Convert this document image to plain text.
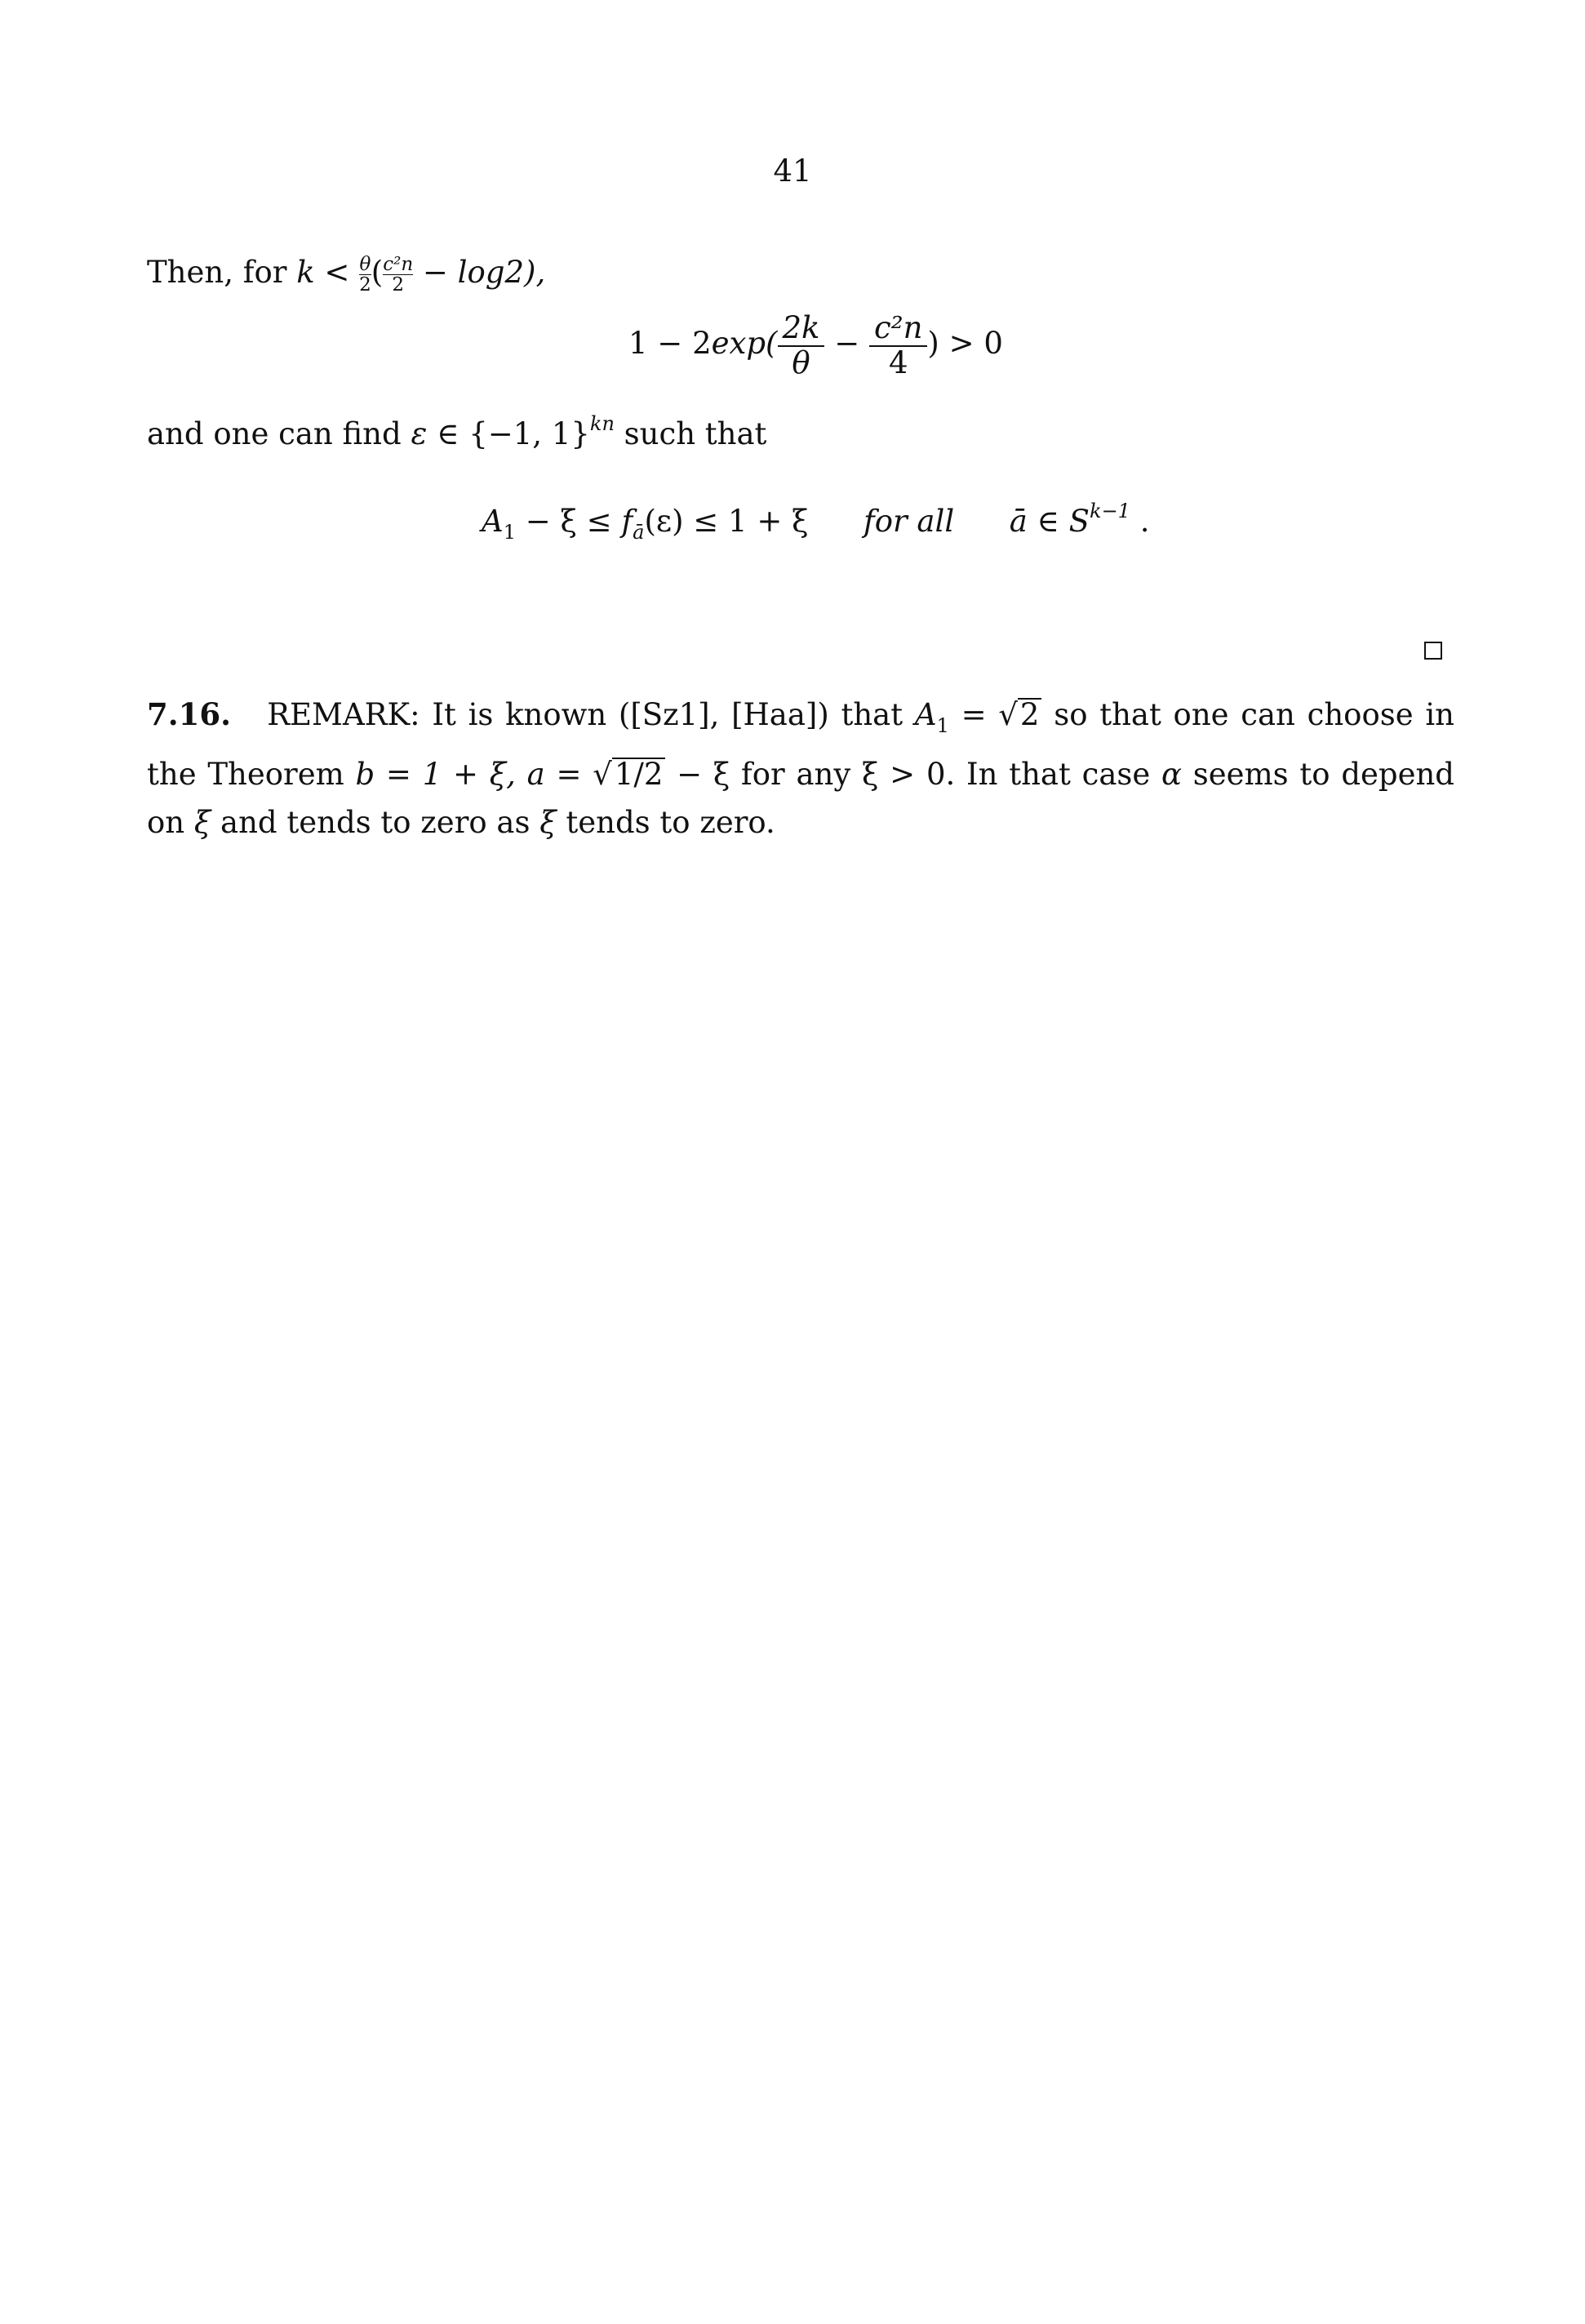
41
Then, for $k < \frac{\theta}{2} (\frac{\text{c²n}}{2} - \log 2)$,
$1 - 2\exp( \frac{2k}{\theta} - \frac{\text{c²n}}{4}$ ) > 0
and one can find ε ∈ {−1, 1}$^{kn}$ such that
$A_1 - \xi \le f_ā(\varepsilon) \le 1 + \xi$ for all ā ∈ $S^{k-1}$ .
7.16. REMARK: It is known ([Sz1], [Haa]) that $A_1 = √2$ so that one can choose in the Theorem b = 1 + ξ, a = √1/2 − ξ for any ξ > 0. In that case α seems to depend on ξ and tends to zero as ξ tends to zero.
